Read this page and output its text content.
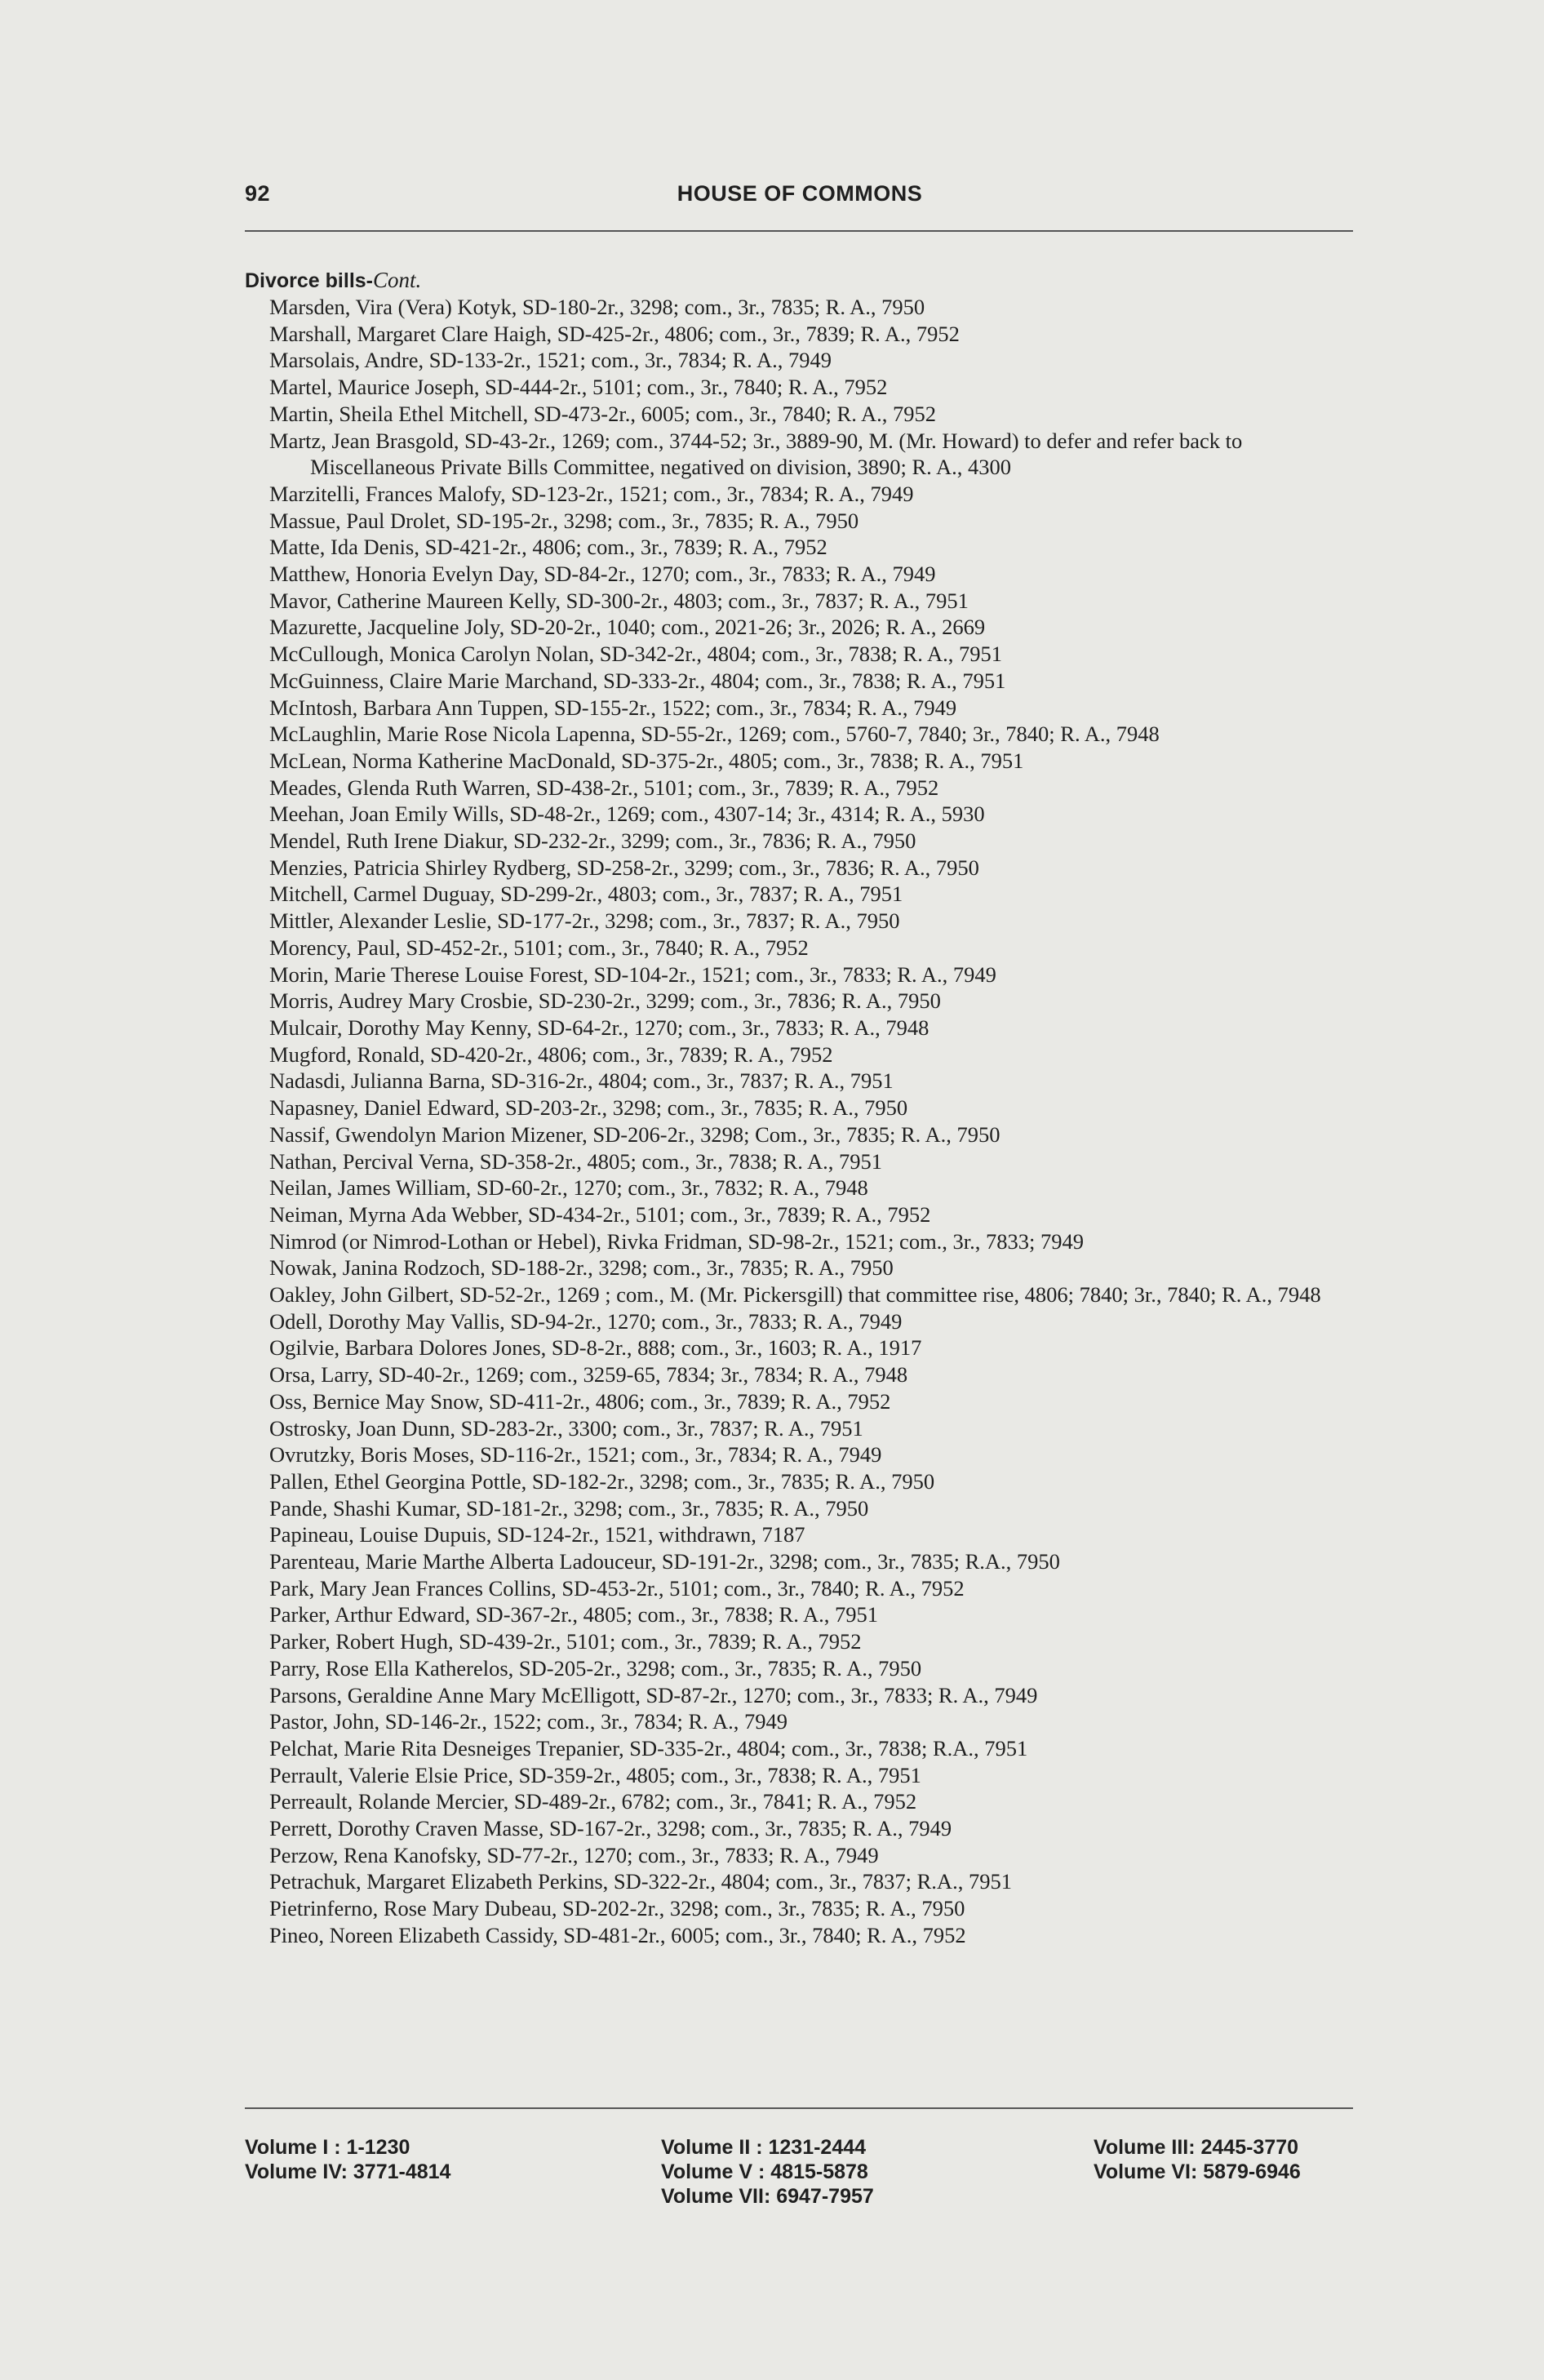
92	HOUSE OF COMMONS
Divorce bills-Cont.

Marsden, Vira (Vera) Kotyk, SD-180-2r., 3298; com., 3r., 7835; R. A., 7950

Marshall, Margaret Clare Haigh, SD-425-2r., 4806; com., 3r., 7839; R. A., 7952

Marsolais, Andre, SD-133-2r., 1521; com., 3r., 7834; R. A., 7949

Martel, Maurice Joseph, SD-444-2r., 5101; com., 3r., 7840; R. A., 7952

Martin, Sheila Ethel Mitchell, SD-473-2r., 6005; com., 3r., 7840; R. A., 7952

Martz, Jean Brasgold, SD-43-2r., 1269; com., 3744-52; 3r., 3889-90, M. (Mr. Howard) to defer and refer back to Miscellaneous Private Bills Committee, negatived on division, 3890; R. A., 4300

Marzitelli, Frances Malofy, SD-123-2r., 1521; com., 3r., 7834; R. A., 7949

Massue, Paul Drolet, SD-195-2r., 3298; com., 3r., 7835; R. A., 7950

Matte, Ida Denis, SD-421-2r., 4806; com., 3r., 7839; R. A., 7952

Matthew, Honoria Evelyn Day, SD-84-2r., 1270; com., 3r., 7833; R. A., 7949

Mavor, Catherine Maureen Kelly, SD-300-2r., 4803; com., 3r., 7837; R. A., 7951

Mazurette, Jacqueline Joly, SD-20-2r., 1040; com., 2021-26; 3r., 2026; R. A., 2669

McCullough, Monica Carolyn Nolan, SD-342-2r., 4804; com., 3r., 7838; R. A., 7951

McGuinness, Claire Marie Marchand, SD-333-2r., 4804; com., 3r., 7838; R. A., 7951

McIntosh, Barbara Ann Tuppen, SD-155-2r., 1522; com., 3r., 7834; R. A., 7949

McLaughlin, Marie Rose Nicola Lapenna, SD-55-2r., 1269; com., 5760-7, 7840; 3r., 7840; R. A., 7948

McLean, Norma Katherine MacDonald, SD-375-2r., 4805; com., 3r., 7838; R. A., 7951

Meades, Glenda Ruth Warren, SD-438-2r., 5101; com., 3r., 7839; R. A., 7952

Meehan, Joan Emily Wills, SD-48-2r., 1269; com., 4307-14; 3r., 4314; R. A., 5930

Mendel, Ruth Irene Diakur, SD-232-2r., 3299; com., 3r., 7836; R. A., 7950

Menzies, Patricia Shirley Rydberg, SD-258-2r., 3299; com., 3r., 7836; R. A., 7950

Mitchell, Carmel Duguay, SD-299-2r., 4803; com., 3r., 7837; R. A., 7951

Mittler, Alexander Leslie, SD-177-2r., 3298; com., 3r., 7837; R. A., 7950

Morency, Paul, SD-452-2r., 5101; com., 3r., 7840; R. A., 7952

Morin, Marie Therese Louise Forest, SD-104-2r., 1521; com., 3r., 7833; R. A., 7949

Morris, Audrey Mary Crosbie, SD-230-2r., 3299; com., 3r., 7836; R. A., 7950

Mulcair, Dorothy May Kenny, SD-64-2r., 1270; com., 3r., 7833; R. A., 7948

Mugford, Ronald, SD-420-2r., 4806; com., 3r., 7839; R. A., 7952

Nadasdi, Julianna Barna, SD-316-2r., 4804; com., 3r., 7837; R. A., 7951

Napasney, Daniel Edward, SD-203-2r., 3298; com., 3r., 7835; R. A., 7950

Nassif, Gwendolyn Marion Mizener, SD-206-2r., 3298; Com., 3r., 7835; R. A., 7950

Nathan, Percival Verna, SD-358-2r., 4805; com., 3r., 7838; R. A., 7951

Neilan, James William, SD-60-2r., 1270; com., 3r., 7832; R. A., 7948

Neiman, Myrna Ada Webber, SD-434-2r., 5101; com., 3r., 7839; R. A., 7952

Nimrod (or Nimrod-Lothan or Hebel), Rivka Fridman, SD-98-2r., 1521; com., 3r., 7833; 7949

Nowak, Janina Rodzoch, SD-188-2r., 3298; com., 3r., 7835; R. A., 7950

Oakley, John Gilbert, SD-52-2r., 1269 ; com., M. (Mr. Pickersgill) that committee rise, 4806; 7840; 3r., 7840; R. A., 7948

Odell, Dorothy May Vallis, SD-94-2r., 1270; com., 3r., 7833; R. A., 7949

Ogilvie, Barbara Dolores Jones, SD-8-2r., 888; com., 3r., 1603; R. A., 1917

Orsa, Larry, SD-40-2r., 1269; com., 3259-65, 7834; 3r., 7834; R. A., 7948

Oss, Bernice May Snow, SD-411-2r., 4806; com., 3r., 7839; R. A., 7952

Ostrosky, Joan Dunn, SD-283-2r., 3300; com., 3r., 7837; R. A., 7951

Ovrutzky, Boris Moses, SD-116-2r., 1521; com., 3r., 7834; R. A., 7949

Pallen, Ethel Georgina Pottle, SD-182-2r., 3298; com., 3r., 7835; R. A., 7950

Pande, Shashi Kumar, SD-181-2r., 3298; com., 3r., 7835; R. A., 7950

Papineau, Louise Dupuis, SD-124-2r., 1521, withdrawn, 7187

Parenteau, Marie Marthe Alberta Ladouceur, SD-191-2r., 3298; com., 3r., 7835; R.A., 7950

Park, Mary Jean Frances Collins, SD-453-2r., 5101; com., 3r., 7840; R. A., 7952

Parker, Arthur Edward, SD-367-2r., 4805; com., 3r., 7838; R. A., 7951

Parker, Robert Hugh, SD-439-2r., 5101; com., 3r., 7839; R. A., 7952

Parry, Rose Ella Katherelos, SD-205-2r., 3298; com., 3r., 7835; R. A., 7950

Parsons, Geraldine Anne Mary McElligott, SD-87-2r., 1270; com., 3r., 7833; R. A., 7949

Pastor, John, SD-146-2r., 1522; com., 3r., 7834; R. A., 7949

Pelchat, Marie Rita Desneiges Trepanier, SD-335-2r., 4804; com., 3r., 7838; R.A., 7951

Perrault, Valerie Elsie Price, SD-359-2r., 4805; com., 3r., 7838; R. A., 7951

Perreault, Rolande Mercier, SD-489-2r., 6782; com., 3r., 7841; R. A., 7952

Perrett, Dorothy Craven Masse, SD-167-2r., 3298; com., 3r., 7835; R. A., 7949

Perzow, Rena Kanofsky, SD-77-2r., 1270; com., 3r., 7833; R. A., 7949

Petrachuk, Margaret Elizabeth Perkins, SD-322-2r., 4804; com., 3r., 7837; R.A., 7951

Pietrinferno, Rose Mary Dubeau, SD-202-2r., 3298; com., 3r., 7835; R. A., 7950

Pineo, Noreen Elizabeth Cassidy, SD-481-2r., 6005; com., 3r., 7840; R. A., 7952

Volume I : 1-1230
Volume IV: 3771-4814
Volume II : 1231-2444
Volume V : 4815-5878
Volume VII: 6947-7957
Volume III: 2445-3770
Volume VI: 5879-6946
